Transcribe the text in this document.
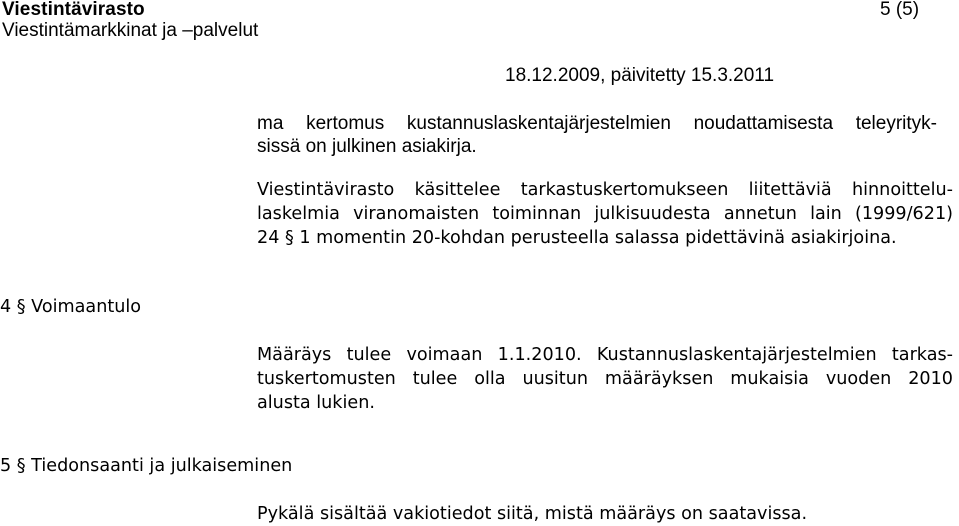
Viestintävirasto
Viestintämarkkinat ja –palvelut
5 (5)
18.12.2009, päivitetty 15.3.2011
ma kertomus kustannuslaskentajärjestelmien noudattamisesta teleyrityk-
sissä on julkinen asiakirja.
Viestintävirasto käsittelee tarkastuskertomukseen liitettäviä hinnoittelu-
laskelmia viranomaisten toiminnan julkisuudesta annetun lain (1999/621)
24 § 1 momentin 20-kohdan perusteella salassa pidettävinä asiakirjoina.
4 § Voimaantulo
Määräys tulee voimaan 1.1.2010. Kustannuslaskentajärjestelmien tarkas-
tuskertomusten tulee olla uusitun määräyksen mukaisia vuoden 2010
alusta lukien.
5 § Tiedonsaanti ja julkaiseminen
Pykälä sisältää vakiotiedot siitä, mistä määräys on saatavissa.
